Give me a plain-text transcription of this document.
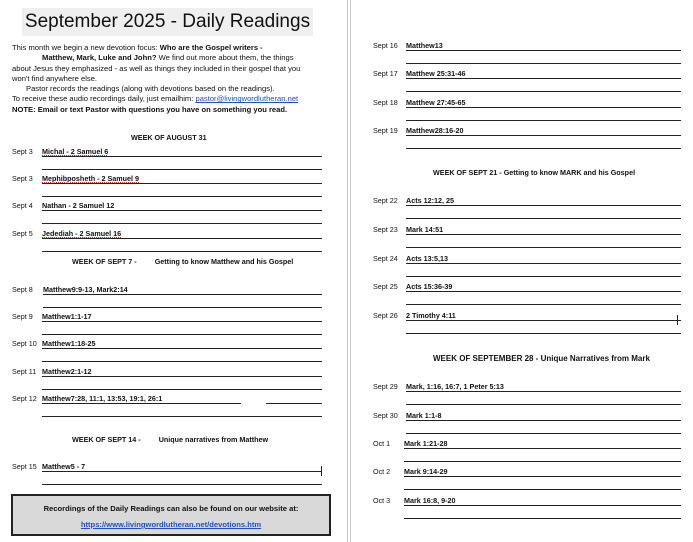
September 2025 - Daily Readings

This month we begin a new devotion focus: Who are the Gospel writers -

Matthew, Mark, Luke and John? We find out more about them, the things

about Jesus they emphasized - as well as things they included in their gospel that you

won't find anywhere else.

Pastor records the readings (along with devotions based on the readings).

To receive these audio recordings daily, just emailhim: pastor@livingwordlutheran.net

NOTE: Email or text Pastor with questions you have on something you read.

WEEK OF AUGUST 31
WEEK OF SEPT 7 -	Getting to know Matthew and his Gospel
WEEK OF SEPT 14 -	Unique narratives from Matthew
Sept 3 Michal - 2 Samuel 6
Sept 3 Mephibposheth - 2 Samuel 9
Sept 4 Nathan - 2 Samuel 12
Sept 5 Jedediah - 2 Samuel 16
Sept 8 Matthew9:9-13, Mark2:14
Sept 9 Matthew1:1-17
Sept 10 Matthew1:18-25
Sept 11 Matthew2:1-12
Sept 12 Matthew7:28, 11:1, 13:53, 19:1, 26:1
Sept 15 Matthew5 - 7
Recordings of the Daily Readings can also be found on our website at:
https://www.livingwordlutheran.net/devotions.htm
WEEK OF SEPT 21 - Getting to know MARK and his Gospel
WEEK OF SEPTEMBER 28 - Unique Narratives from Mark
Sept 16 Matthew13
Sept 17 Matthew 25:31-46
Sept 18 Matthew 27:45-65
Sept 19 Matthew28:16-20
Sept 22 Acts 12:12, 25
Sept 23 Mark 14:51
Sept 24 Acts 13:5,13
Sept 25 Acts 15:36-39
Sept 26 2 Timothy 4:11
Sept 29 Mark, 1:16, 16:7, 1 Peter 5:13
Sept 30 Mark 1:1-8
Oct 1 Mark 1:21-28
Oct 2 Mark 9:14-29
Oct 3 Mark 16:8, 9-20
